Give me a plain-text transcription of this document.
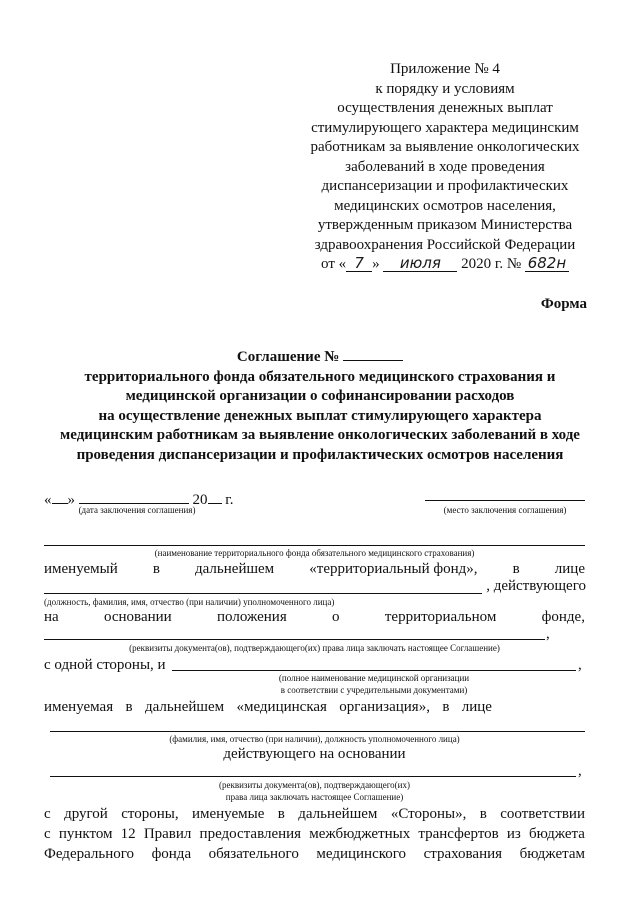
Приложение № 4
к порядку и условиям
осуществления денежных выплат
стимулирующего характера медицинским
работникам за выявление онкологических
заболеваний в ходе проведения
диспансеризации и профилактических
медицинских осмотров населения,
утвержденным приказом Министерства
здравоохранения Российской Федерации
от « 7 » июля 2020 г. № 682н
Форма
Соглашение №
территориального фонда обязательного медицинского страхования и
медицинской организации о софинансировании расходов
на осуществление денежных выплат стимулирующего характера
медицинским работникам за выявление онкологических заболеваний в ходе
проведения диспансеризации и профилактических осмотров населения
« »	20 г.
(дата заключения соглашения)	(место заключения соглашения)
(наименование территориального фонда обязательного медицинского страхования)
именуемый в дальнейшем «территориальный фонд», в лице
, действующего
(должность, фамилия, имя, отчество (при наличии) уполномоченного лица)
на	основании	положения	о	территориальном	фонде,
,
(реквизиты документа(ов), подтверждающего(их) права лица заключать настоящее Соглашение)
с одной стороны, и	,
(полное наименование медицинской организации
в соответствии с учредительными документами)
именуемая в дальнейшем «медицинская организация», в лице
(фамилия, имя, отчество (при наличии), должность уполномоченного лица)
действующего на основании
,
(реквизиты документа(ов), подтверждающего(их)
права лица заключать настоящее Соглашение)
с другой стороны, именуемые в дальнейшем «Стороны», в соответствии
с пунктом 12 Правил предоставления межбюджетных трансфертов из бюджета
Федерального фонда обязательного медицинского страхования бюджетам
